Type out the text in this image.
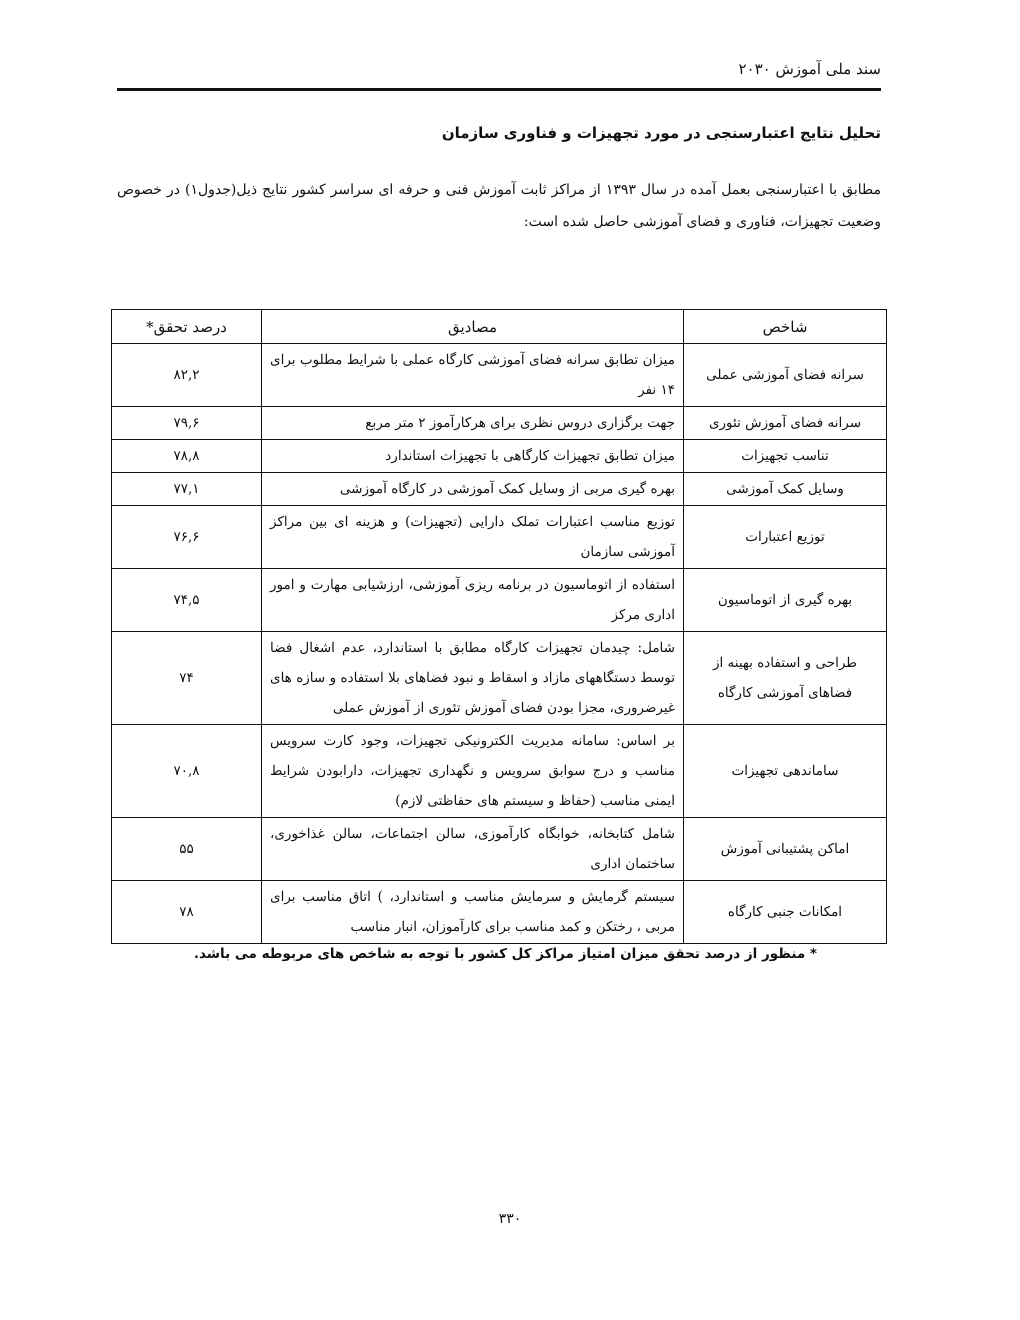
سند ملی آموزش ۲۰۳۰
تحلیل نتایج اعتبارسنجی در مورد تجهیزات و فناوری سازمان
مطابق با اعتبارسنجی بعمل آمده در سال ۱۳۹۳ از مراکز ثابت آموزش فنی و حرفه ای سراسر کشور نتایج ذیل(جدول۱) در خصوص وضعیت تجهیزات، فناوری و فضای آموزشی حاصل شده است:
شاخص	مصادیق	درصد تحقق*
سرانه فضای آموزشی عملی	میزان تطابق سرانه فضای آموزشی کارگاه عملی با شرایط مطلوب برای ۱۴ نفر	۸۲,۲
سرانه فضای آموزش تئوری	جهت برگزاری دروس نظری برای هرکارآموز ۲ متر مربع	۷۹,۶
تناسب تجهیزات	میزان تطابق تجهیزات کارگاهی با تجهیزات استاندارد	۷۸,۸
وسایل کمک آموزشی	بهره گیری مربی از وسایل کمک آموزشی در کارگاه آموزشی	۷۷,۱
توزیع اعتبارات	توزیع مناسب اعتبارات تملک دارایی (تجهیزات) و هزینه ای بین مراکز آموزشی سازمان	۷۶,۶
بهره گیری از اتوماسیون	استفاده از اتوماسیون در برنامه ریزی آموزشی، ارزشیابی مهارت و امور اداری مرکز	۷۴,۵
طراحی و استفاده بهینه از فضاهای آموزشی کارگاه	شامل: چیدمان تجهیزات کارگاه مطابق با استاندارد، عدم اشغال فضا توسط دستگاههای مازاد و اسقاط و نبود فضاهای بلا استفاده و سازه های غیرضروری، مجزا بودن فضای آموزش تئوری از آموزش عملی	۷۴
ساماندهی تجهیزات	بر اساس: سامانه مدیریت الکترونیکی تجهیزات، وجود کارت سرویس مناسب و درج سوابق سرویس و نگهداری تجهیزات، دارابودن شرایط ایمنی مناسب (حفاظ و سیستم های حفاظتی لازم)	۷۰,۸
اماکن پشتیبانی آموزش	شامل کتابخانه، خوابگاه کارآموزی، سالن اجتماعات، سالن غذاخوری، ساختمان اداری	۵۵
امکانات جنبی کارگاه	سیستم گرمایش و سرمایش مناسب و استاندارد، ) اتاق مناسب برای مربی ، رختکن و کمد مناسب برای کارآموزان، انبار مناسب	۷۸
* منظور از درصد تحقق میزان امتیاز مراکز کل کشور با توجه به شاخص های مربوطه می باشد.
۳۳۰
